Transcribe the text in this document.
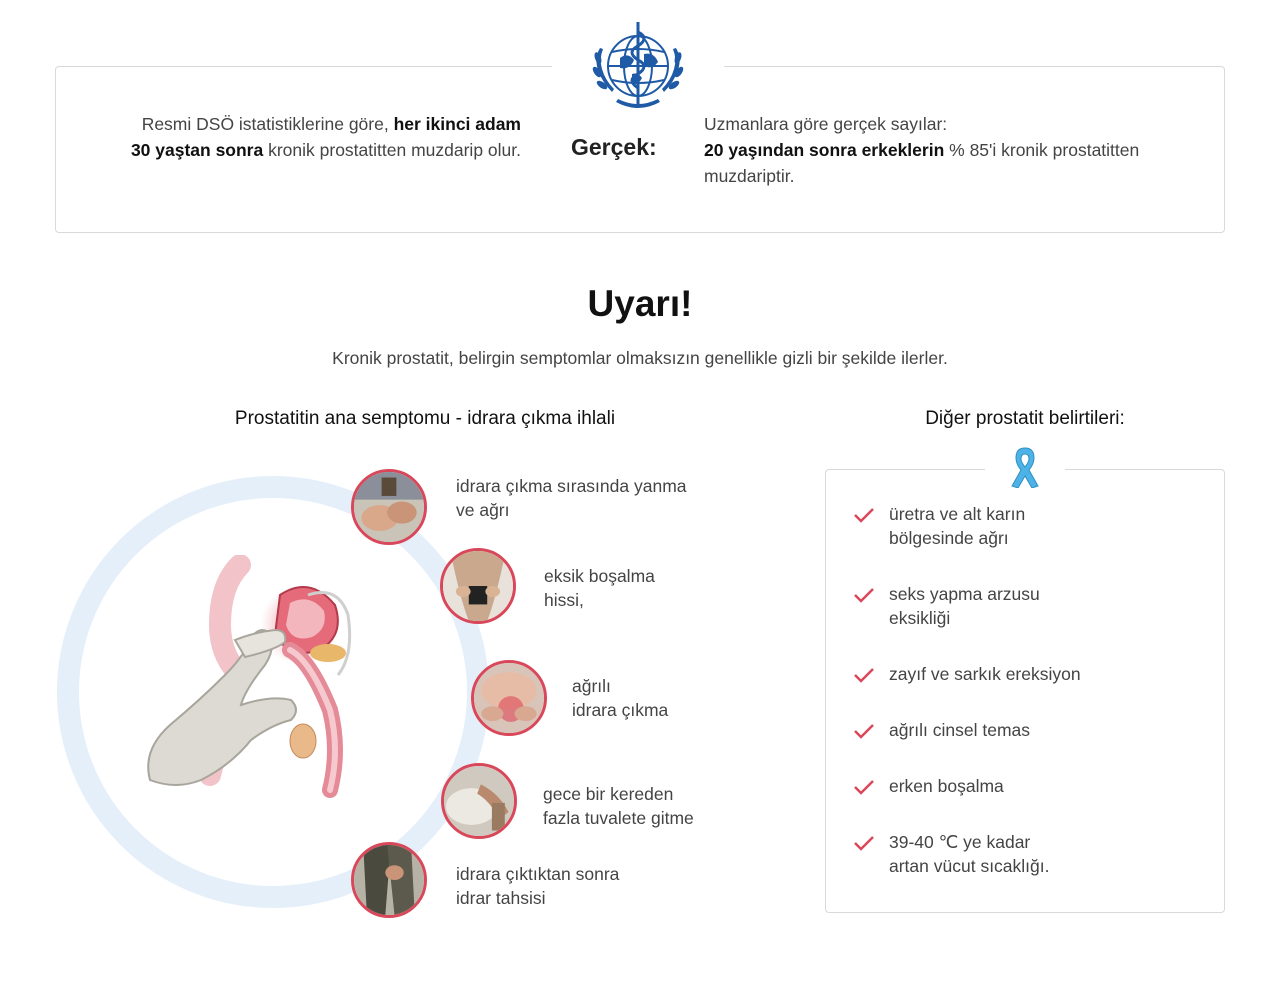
Resmi DSÖ istatistiklerine göre, her ikinci adam
30 yaştan sonra kronik prostatitten muzdarip olur. Gerçek:
Uzmanlara göre gerçek sayılar:
20 yaşından sonra erkeklerin % 85'i kronik prostatitten muzdariptir.
Uyarı!

Kronik prostatit, belirgin semptomlar olmaksızın genellikle gizli bir şekilde ilerler.

Prostatitin ana semptomu - idrara çıkma ihlali	Diğer prostatit belirtileri:
idrara çıkma sırasında yanma
ve ağrı
eksik boşalma
hissi,
ağrılı
idrara çıkma
gece bir kereden
fazla tuvalete gitme
idrara çıktıktan sonra
idrar tahsisi
üretra ve alt karın
bölgesinde ağrı
seks yapma arzusu
eksikliği
zayıf ve sarkık ereksiyon
ağrılı cinsel temas
erken boşalma
39-40 ℃ ye kadar
artan vücut sıcaklığı.
